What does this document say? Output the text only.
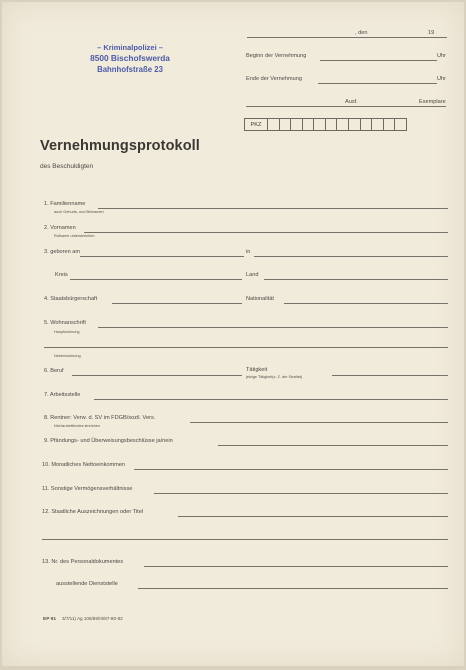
, den	19
Beginn der Vernehmung	Uhr
Ende der Vernehmung	Uhr
Ausf.	Exemplare
PKZ
– Kriminalpolizei –
8500 Bischofswerda
Bahnhofstraße 23
Vernehmungsprotokoll
des Beschuldigten
1. Familienname
auch Geburts- und Beinamen
2. Vornamen
Rufname unterstreichen
3. geboren am	in
Kreis	Land
4. Staatsbürgerschaft	Nationalität
5. Wohnanschrift
Hauptwohnung
Nebenwohnung
6. Beruf	Tätigkeit
jetzige Tätigkeit(z. Z. der Straftat)
7. Arbeitsstelle
8. Rentner: Verw. d. SV im FDGB/sozil. Vers.
Nichtzutreffendes streichen
9. Pfändungs- und Überweisungsbeschlüsse ja/nein
10. Monatliches Nettoeinkommen
11. Sonstige Vermögensverhältnisse
12. Staatliche Auszeichnungen oder Titel
13. Nr. des Personaldokumentes
ausstellende Dienststelle
EP 91 3/7/11) Ag 106/89/III/87-80-82
